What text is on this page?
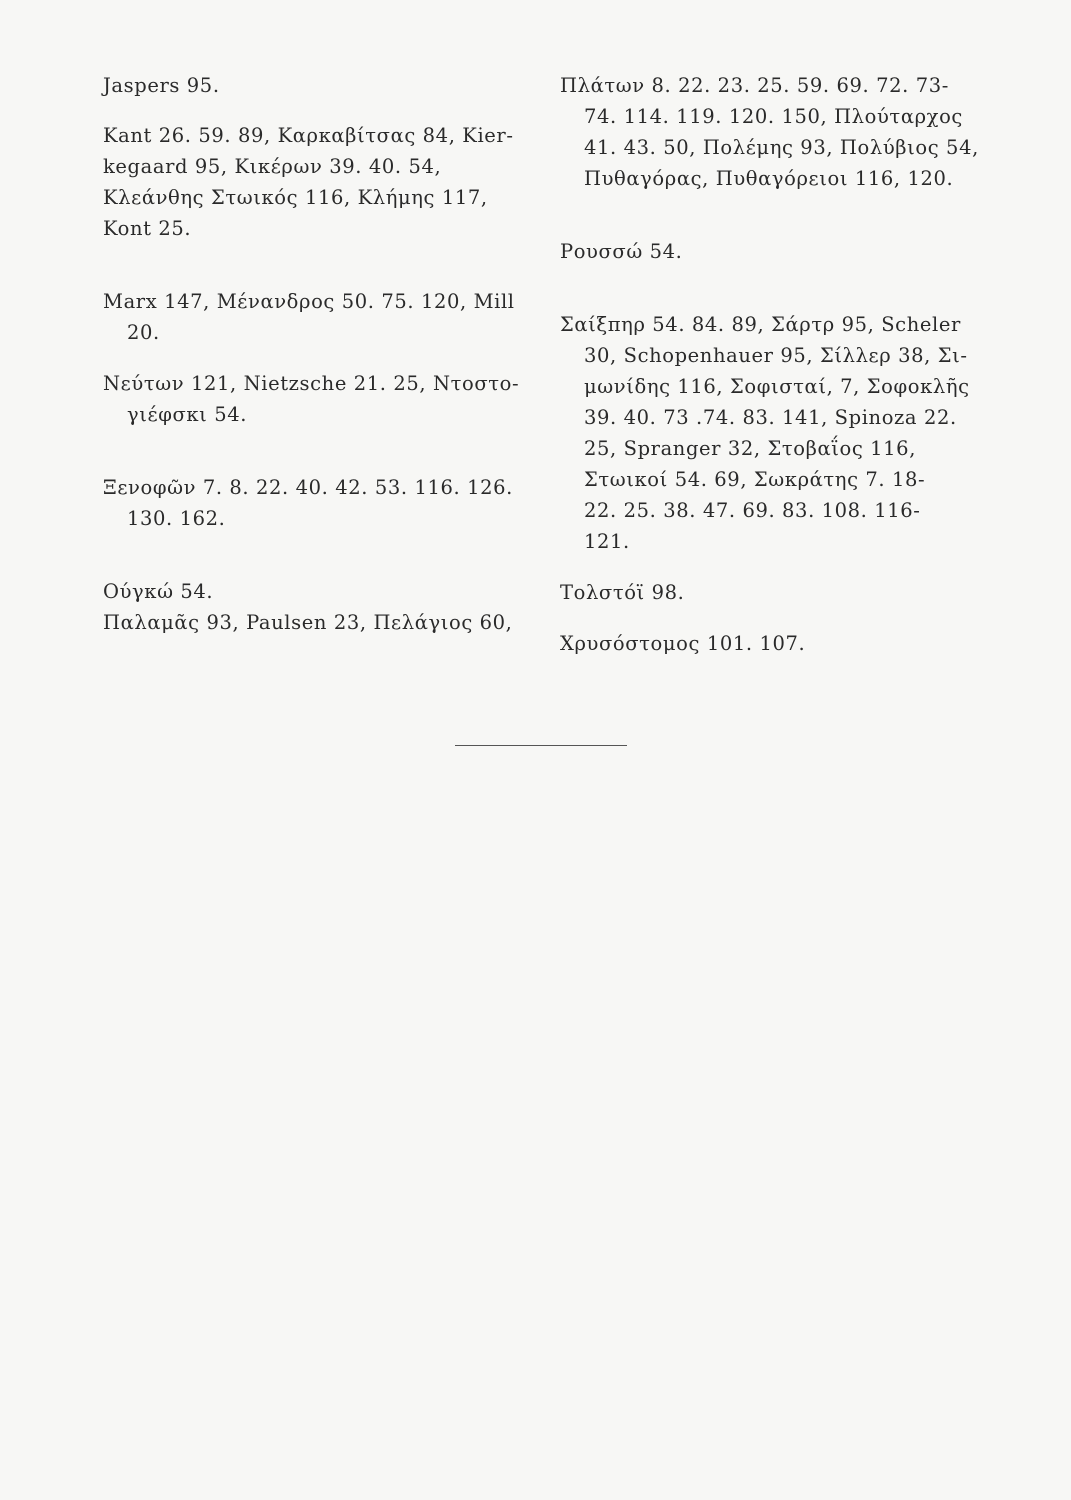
Jaspers 95.

Kant 26. 59. 89, Καρκαβίτσας 84, Kier-
kegaard 95, Κικέρων 39. 40. 54,
Κλεάνθης Στωικός 116, Κλήμης 117,
Kont 25.

Marx 147, Μένανδρος 50. 75. 120, Mill
20.

Νεύτων 121, Nietzsche 21. 25, Ντοστο-
γιέφσκι 54.

Ξενοφῶν 7. 8. 22. 40. 42. 53. 116. 126.
130. 162.

Ούγκώ 54.

Παλαμᾶς 93, Paulsen 23, Πελάγιος 60,

Πλάτων 8. 22. 23. 25. 59. 69. 72. 73-
74. 114. 119. 120. 150, Πλούταρχος
41. 43. 50, Πολέμης 93, Πολύβιος 54,
Πυθαγόρας, Πυθαγόρειοι 116, 120.

Ρουσσώ 54.

Σαίξπηρ 54. 84. 89, Σάρτρ 95, Scheler
30, Schopenhauer 95, Σίλλερ 38, Σι-
μωνίδης 116, Σοφισταί, 7, Σοφοκλῆς
39. 40. 73 .74. 83. 141, Spinoza 22.
25, Spranger 32, Στοβαΐος 116,
Στωικοί 54. 69, Σωκράτης 7. 18-
22. 25. 38. 47. 69. 83. 108. 116-
121.

Τολστόϊ 98.

Χρυσόστομος 101. 107.
